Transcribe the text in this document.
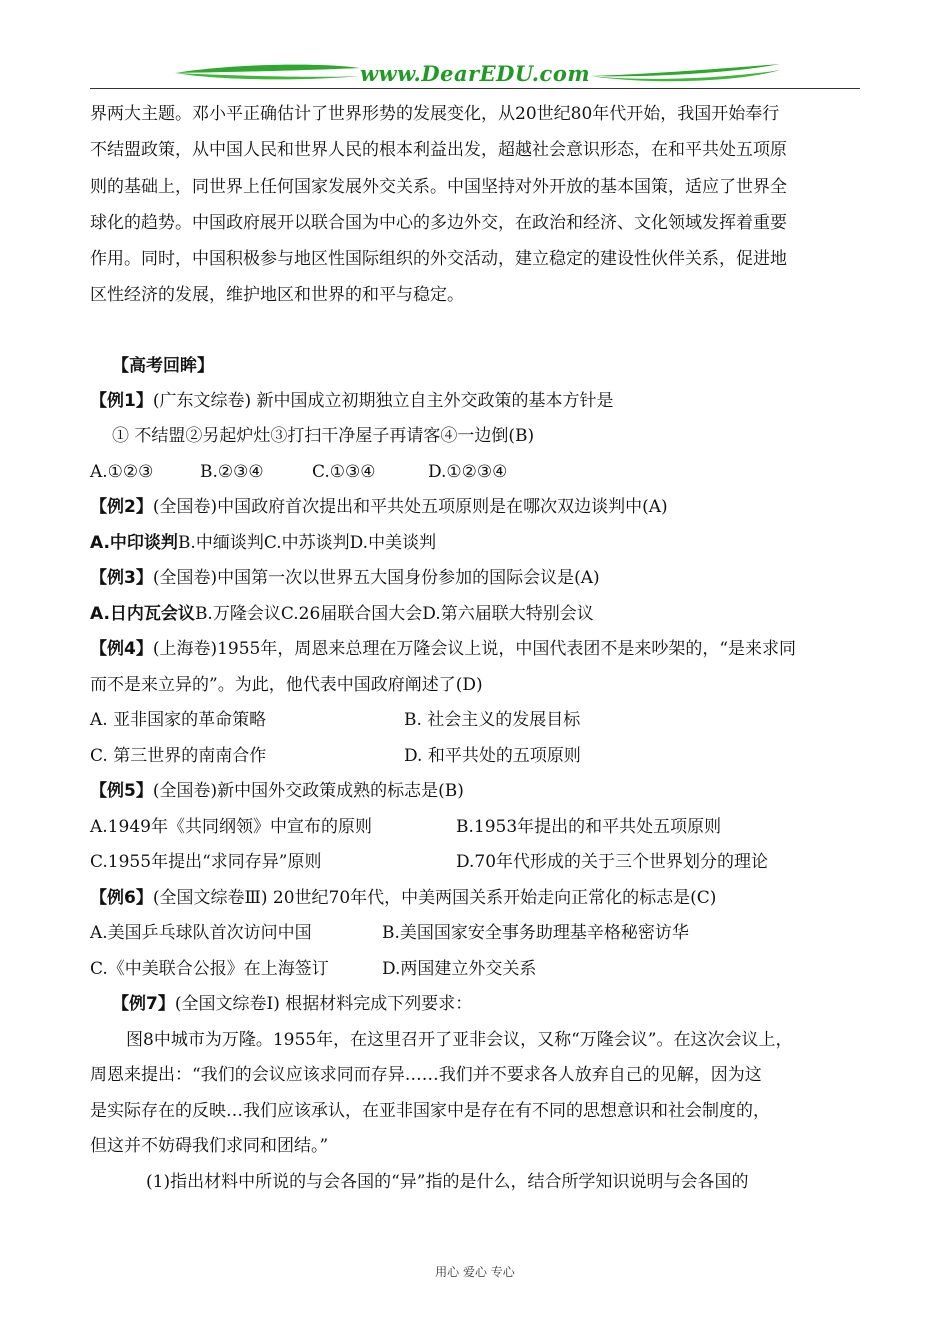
www.DearEDU.com

界两大主题。邓小平正确估计了世界形势的发展变化，从20世纪80年代开始，我国开始奉行

不结盟政策，从中国人民和世界人民的根本利益出发，超越社会意识形态，在和平共处五项原

则的基础上，同世界上任何国家发展外交关系。中国坚持对外开放的基本国策，适应了世界全

球化的趋势。中国政府展开以联合国为中心的多边外交，在政治和经济、文化领域发挥着重要

作用。同时，中国积极参与地区性国际组织的外交活动，建立稳定的建设性伙伴关系，促进地

区性经济的发展，维护地区和世界的和平与稳定。

【高考回眸】

【例1】(广东文综卷) 新中国成立初期独立自主外交政策的基本方针是

① 不结盟②另起炉灶③打扫干净屋子再请客④一边倒(B)

A.①②③	B.②③④	C.①③④	D.①②③④

【例2】(全国卷)中国政府首次提出和平共处五项原则是在哪次双边谈判中(A)

A.中印谈判B.中缅谈判C.中苏谈判D.中美谈判

【例3】(全国卷)中国第一次以世界五大国身份参加的国际会议是(A)

A.日内瓦会议B.万隆会议C.26届联合国大会D.第六届联大特别会议

【例4】(上海卷)1955年，周恩来总理在万隆会议上说，中国代表团不是来吵架的，“是来求同

而不是来立异的”。为此，他代表中国政府阐述了(D)

A. 亚非国家的革命策略	B. 社会主义的发展目标

C. 第三世界的南南合作	D. 和平共处的五项原则

【例5】(全国卷)新中国外交政策成熟的标志是(B)

A.1949年《共同纲领》中宣布的原则	B.1953年提出的和平共处五项原则

C.1955年提出“求同存异”原则	D.70年代形成的关于三个世界划分的理论

【例6】(全国文综卷Ⅲ) 20世纪70年代，中美两国关系开始走向正常化的标志是(C)

A.美国乒乓球队首次访问中国	B.美国国家安全事务助理基辛格秘密访华

C.《中美联合公报》在上海签订	D.两国建立外交关系

【例7】(全国文综卷Ⅰ) 根据材料完成下列要求：

图8中城市为万隆。1955年，在这里召开了亚非会议，又称“万隆会议”。在这次会议上，

周恩来提出：“我们的会议应该求同而存异……我们并不要求各人放弃自己的见解，因为这

是实际存在的反映…我们应该承认，在亚非国家中是存在有不同的思想意识和社会制度的，

但这并不妨碍我们求同和团结。”

(1)指出材料中所说的与会各国的“异”指的是什么，结合所学知识说明与会各国的

用心 爱心 专心
